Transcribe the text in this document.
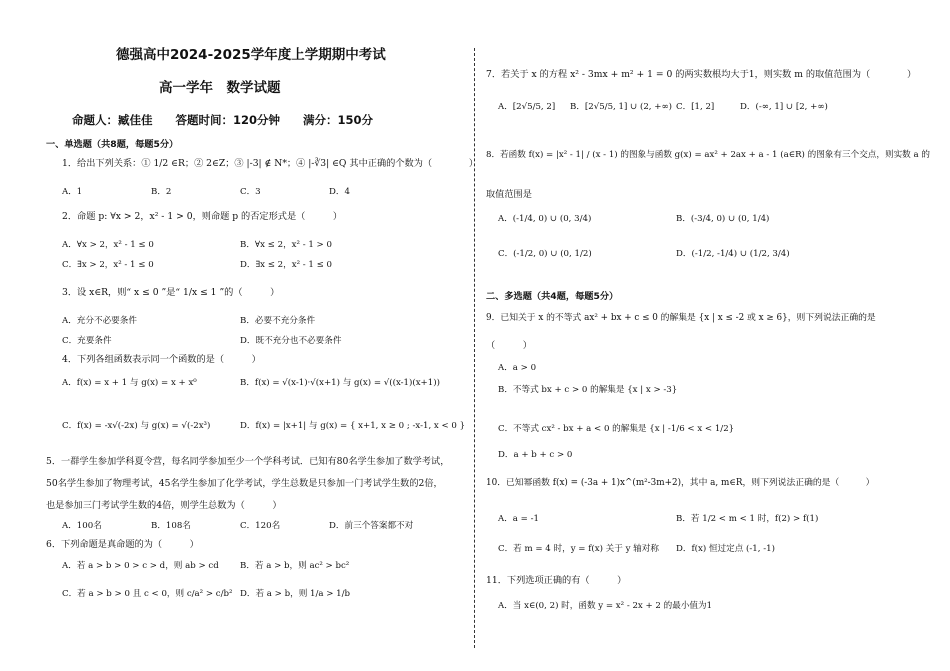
德强高中2024-2025学年度上学期期中考试
高一学年　数学试题
命题人：臧佳佳　　答题时间：120分钟　　满分：150分
一、单选题（共8题，每题5分）
1．给出下列关系：① 1/2 ∈R；② 2∈Z；③ |-3| ∉ N*；④ |-∛3| ∈Q 其中正确的个数为（　　　　）
A．1	B．2	C．3	D．4
2．命题 p: ∀x > 2，x² - 1 > 0，则命题 p 的否定形式是（　　　）
A．∀x > 2，x² - 1 ≤ 0	B．∀x ≤ 2，x² - 1 > 0
C．∃x > 2，x² - 1 ≤ 0	D．∃x ≤ 2，x² - 1 ≤ 0
3．设 x∈R，则“ x ≤ 0 ”是“ 1/x ≤ 1 ”的（　　　）
A．充分不必要条件	B．必要不充分条件
C．充要条件	D．既不充分也不必要条件
4．下列各组函数表示同一个函数的是（　　　）
A．f(x) = x + 1 与 g(x) = x + x⁰	B．f(x) = √(x-1)·√(x+1) 与 g(x) = √((x-1)(x+1))
C．f(x) = -x√(-2x) 与 g(x) = √(-2x³)	D．f(x) = |x+1| 与 g(x) = { x+1, x ≥ 0 ; -x-1, x < 0 }
5．一群学生参加学科夏令营，每名同学参加至少一个学科考试．已知有80名学生参加了数学考试，
50名学生参加了物理考试，45名学生参加了化学考试，学生总数是只参加一门考试学生数的2倍，
也是参加三门考试学生数的4倍，则学生总数为（　　　）
A．100名	B．108名	C．120名	D．前三个答案都不对
6．下列命题是真命题的为（　　　）
A．若 a > b > 0 > c > d，则 ab > cd B．若 a > b，则 ac² > bc²
C．若 a > b > 0 且 c < 0，则 c/a² > c/b² D．若 a > b，则 1/a > 1/b
7．若关于 x 的方程 x² - 3mx + m² + 1 = 0 的两实数根均大于1，则实数 m 的取值范围为（　　　　）
A．[2√5/5, 2] B．[2√5/5, 1] ∪ (2, +∞) C．[1, 2]	D．(-∞, 1] ∪ [2, +∞)
8．若函数 f(x) = |x² - 1| / (x - 1) 的图象与函数 g(x) = ax² + 2ax + a - 1 (a∈R) 的图象有三个交点，则实数 a 的
取值范围是
A．(-1/4, 0) ∪ (0, 3/4)	B．(-3/4, 0) ∪ (0, 1/4)
C．(-1/2, 0) ∪ (0, 1/2)	D．(-1/2, -1/4) ∪ (1/2, 3/4)
二、多选题（共4题，每题5分）
9．已知关于 x 的不等式 ax² + bx + c ≤ 0 的解集是 {x | x ≤ -2 或 x ≥ 6}，则下列说法正确的是
（　　　）
A．a > 0
B．不等式 bx + c > 0 的解集是 {x | x > -3}
C．不等式 cx² - bx + a < 0 的解集是 {x | -1/6 < x < 1/2}
D．a + b + c > 0
10．已知幂函数 f(x) = (-3a + 1)x^(m²-3m+2)，其中 a, m∈R，则下列说法正确的是（　　　）
A．a = -1	B．若 1/2 < m < 1 时，f(2) > f(1)
C．若 m = 4 时，y = f(x) 关于 y 轴对称 D．f(x) 恒过定点 (-1, -1)
11．下列选项正确的有（　　　）
A．当 x∈(0, 2) 时，函数 y = x² - 2x + 2 的最小值为1
